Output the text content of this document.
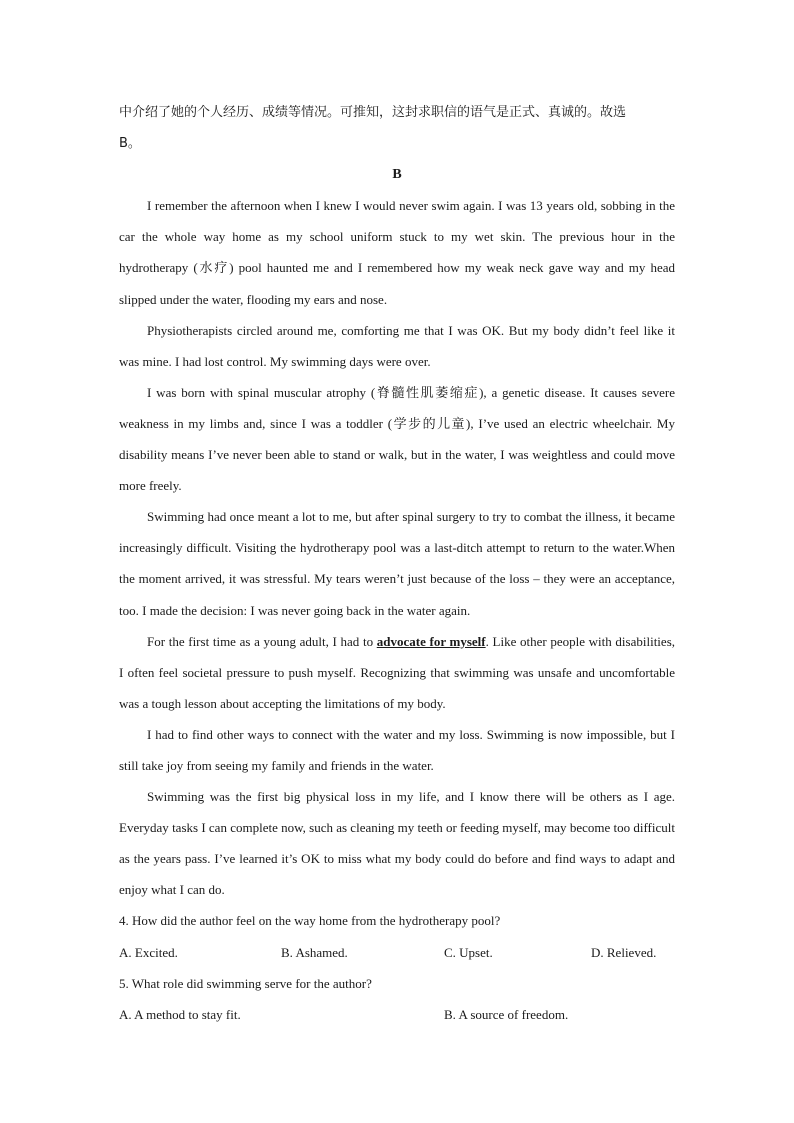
中介绍了她的个人经历、成绩等情况。可推知，这封求职信的语气是正式、真诚的。故选

B。

B

I remember the afternoon when I knew I would never swim again. I was 13 years old, sobbing in the car the whole way home as my school uniform stuck to my wet skin. The previous hour in the hydrotherapy (水疗) pool haunted me and I remembered how my weak neck gave way and my head slipped under the water, flooding my ears and nose.

Physiotherapists circled around me, comforting me that I was OK. But my body didn’t feel like it was mine. I had lost control. My swimming days were over.

I was born with spinal muscular atrophy (脊髓性肌萎缩症), a genetic disease. It causes severe weakness in my limbs and, since I was a toddler (学步的儿童), I’ve used an electric wheelchair. My disability means I’ve never been able to stand or walk, but in the water, I was weightless and could move more freely.

Swimming had once meant a lot to me, but after spinal surgery to try to combat the illness, it became increasingly difficult. Visiting the hydrotherapy pool was a last-ditch attempt to return to the water.When the moment arrived, it was stressful. My tears weren’t just because of the loss – they were an acceptance, too. I made the decision: I was never going back in the water again.

For the first time as a young adult, I had to advocate for myself. Like other people with disabilities, I often feel societal pressure to push myself. Recognizing that swimming was unsafe and uncomfortable was a tough lesson about accepting the limitations of my body.

I had to find other ways to connect with the water and my loss. Swimming is now impossible, but I still take joy from seeing my family and friends in the water.

Swimming was the first big physical loss in my life, and I know there will be others as I age. Everyday tasks I can complete now, such as cleaning my teeth or feeding myself, may become too difficult as the years pass. I’ve learned it’s OK to miss what my body could do before and find ways to adapt and enjoy what I can do.

4. How did the author feel on the way home from the hydrotherapy pool?

A. Excited.	B. Ashamed.	C. Upset.	D. Relieved.

5. What role did swimming serve for the author?

A. A method to stay fit.	B. A source of freedom.
